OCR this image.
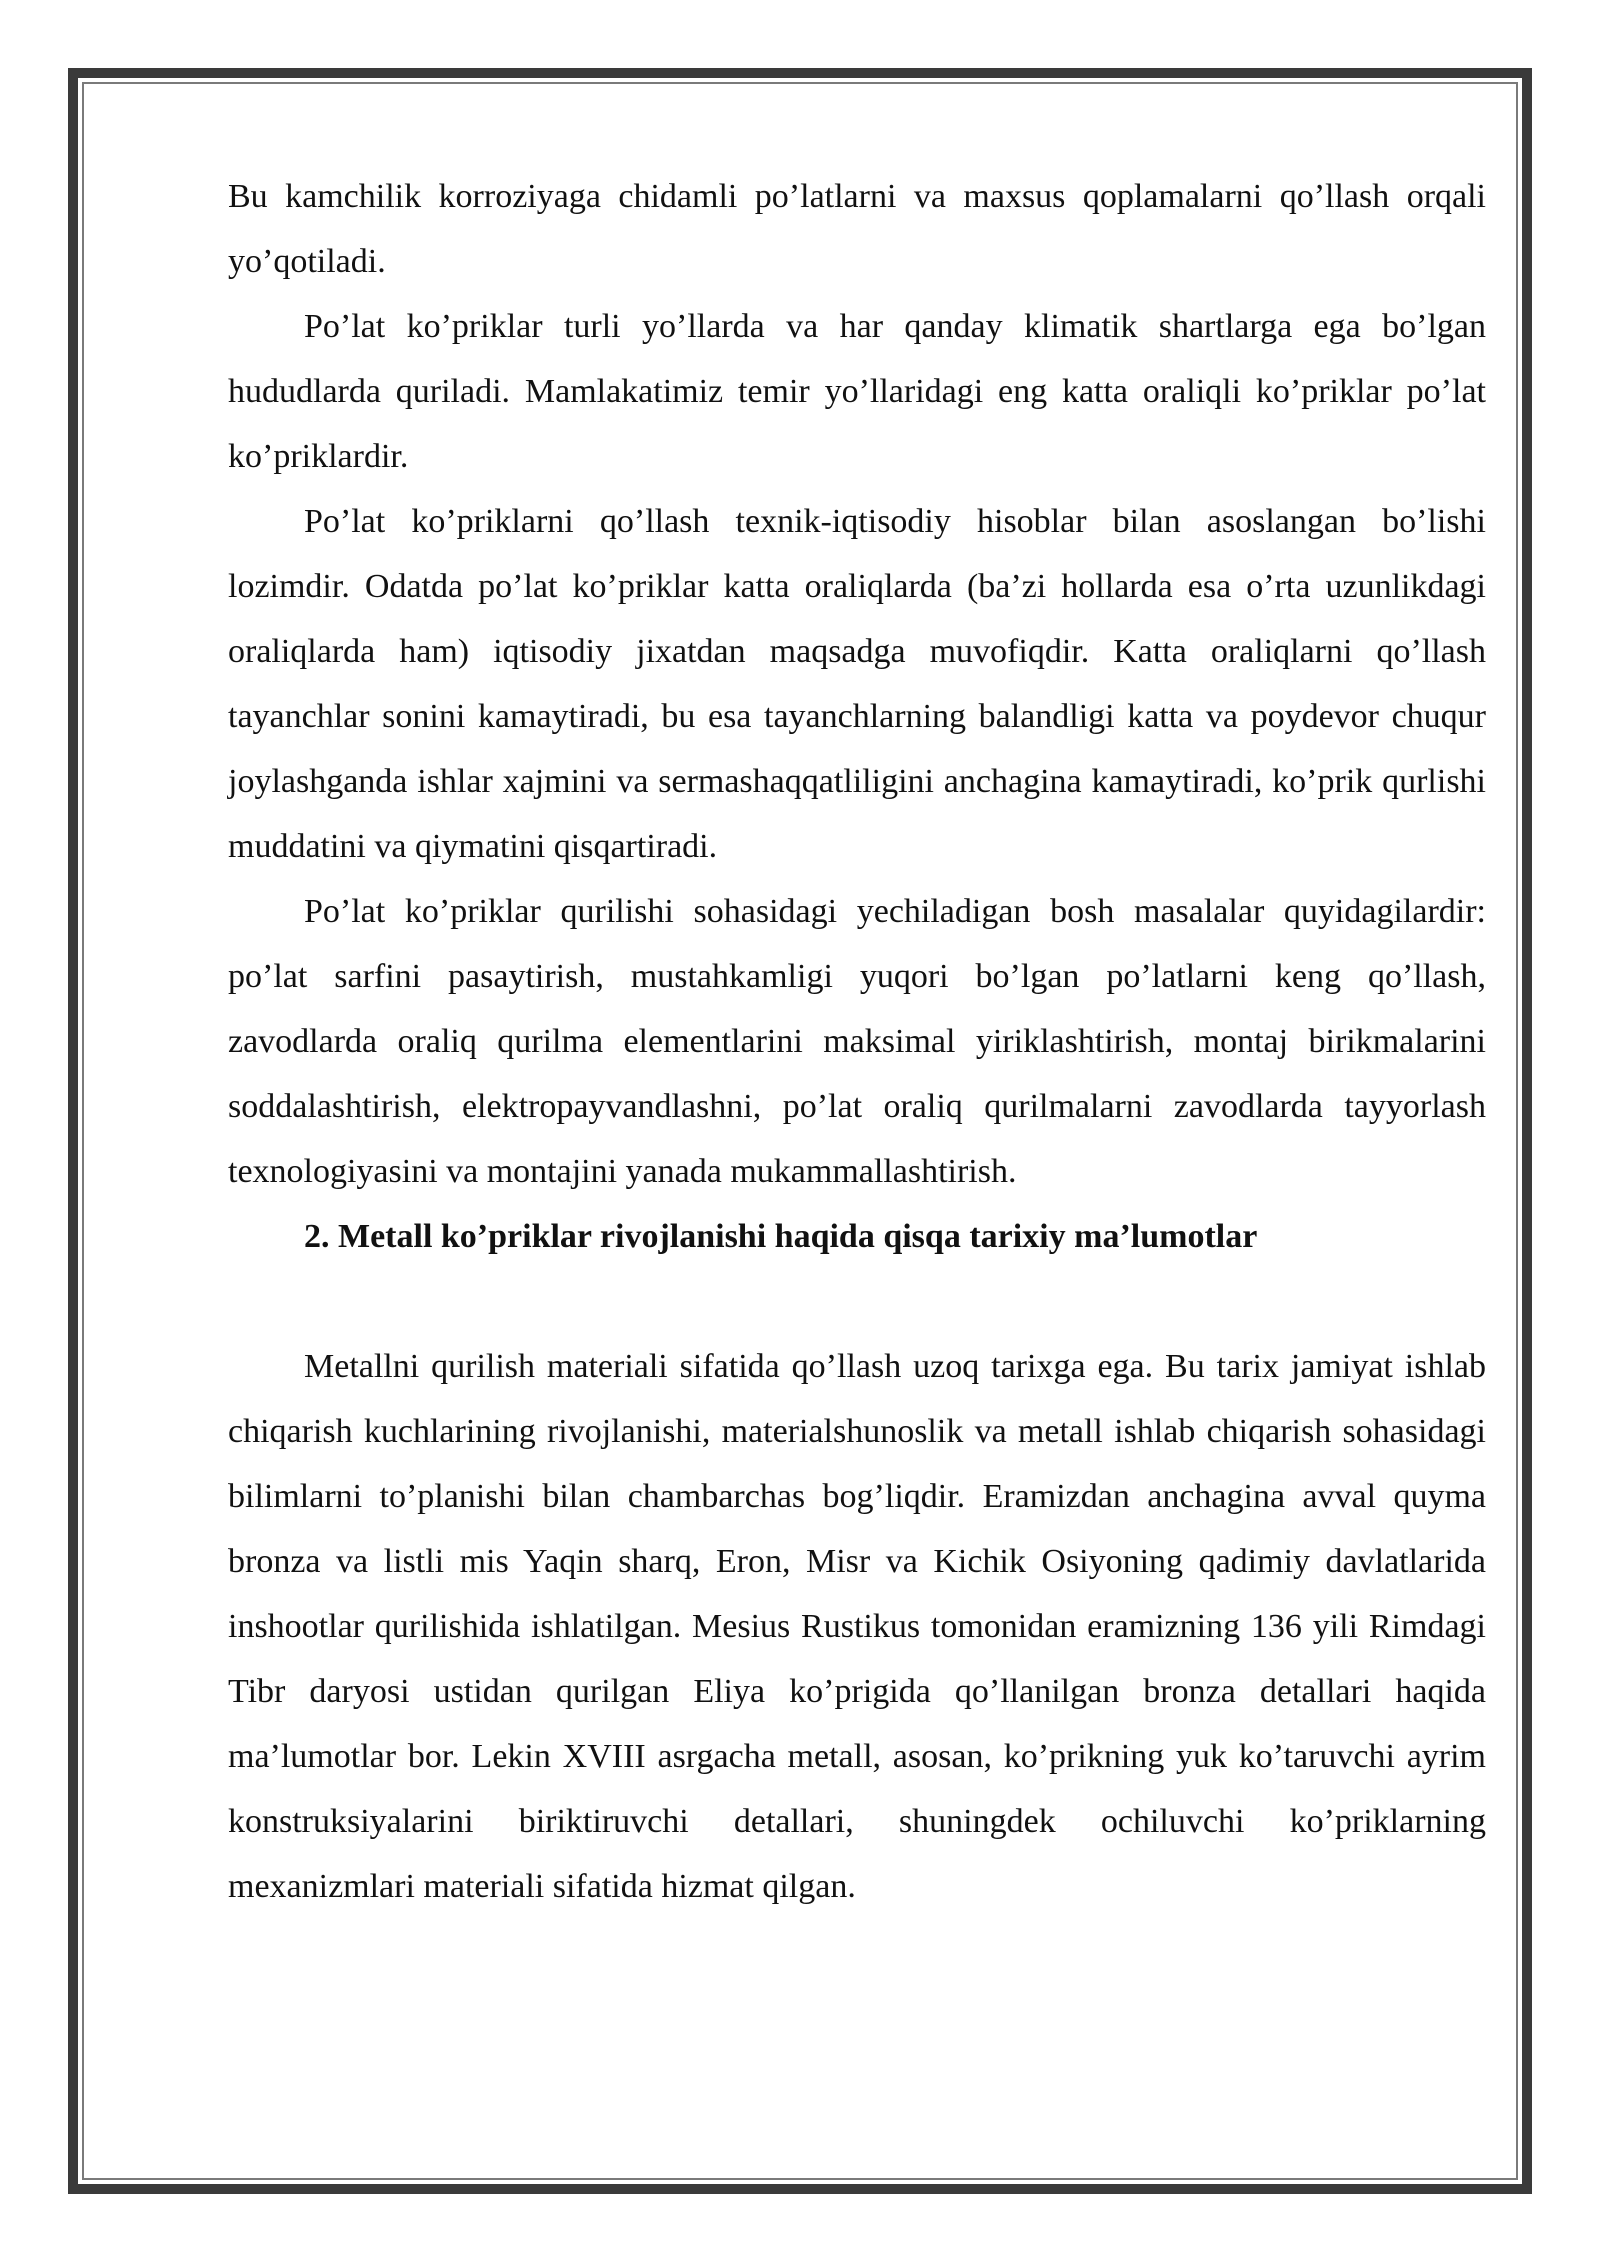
Bu kamchilik korroziyaga chidamli po’latlarni va maxsus qoplamalarni qo’llash orqali yo’qotiladi.

Po’lat ko’priklar turli yo’llarda va har qanday klimatik shartlarga ega bo’lgan hududlarda quriladi. Mamlakatimiz temir yo’llaridagi eng katta oraliqli ko’priklar po’lat ko’priklardir.

Po’lat ko’priklarni qo’llash texnik-iqtisodiy hisoblar bilan asoslangan bo’lishi lozimdir. Odatda po’lat ko’priklar katta oraliqlarda (ba’zi hollarda esa o’rta uzunlikdagi oraliqlarda ham) iqtisodiy jixatdan maqsadga muvofiqdir. Katta oraliqlarni qo’llash tayanchlar sonini kamaytiradi, bu esa tayanchlarning balandligi katta va poydevor chuqur joylashganda ishlar xajmini va sermashaqqatliligini anchagina kamaytiradi, ko’prik qurlishi muddatini va qiymatini qisqartiradi.

Po’lat ko’priklar qurilishi sohasidagi yechiladigan bosh masalalar quyidagilardir: po’lat sarfini pasaytirish, mustahkamligi yuqori bo’lgan po’latlarni keng qo’llash, zavodlarda oraliq qurilma elementlarini maksimal yiriklashtirish, montaj birikmalarini soddalashtirish, elektropayvandlashni, po’lat oraliq qurilmalarni zavodlarda tayyorlash texnologiyasini va montajini yanada mukammallashtirish.

2. Metall ko’priklar rivojlanishi haqida qisqa tarixiy ma’lumotlar

Metallni qurilish materiali sifatida qo’llash uzoq tarixga ega. Bu tarix jamiyat ishlab chiqarish kuchlarining rivojlanishi, materialshunoslik va metall ishlab chiqarish sohasidagi bilimlarni to’planishi bilan chambarchas bog’liqdir. Eramizdan anchagina avval quyma bronza va listli mis Yaqin sharq, Eron, Misr va Kichik Osiyoning qadimiy davlatlarida inshootlar qurilishida ishlatilgan. Mesius Rustikus tomonidan eramizning 136 yili Rimdagi Tibr daryosi ustidan qurilgan Eliya ko’prigida qo’llanilgan bronza detallari haqida ma’lumotlar bor. Lekin XVIII asrgacha metall, asosan, ko’prikning yuk ko’taruvchi ayrim konstruksiyalarini biriktiruvchi detallari, shuningdek ochiluvchi ko’priklarning mexanizmlari materiali sifatida hizmat qilgan.
